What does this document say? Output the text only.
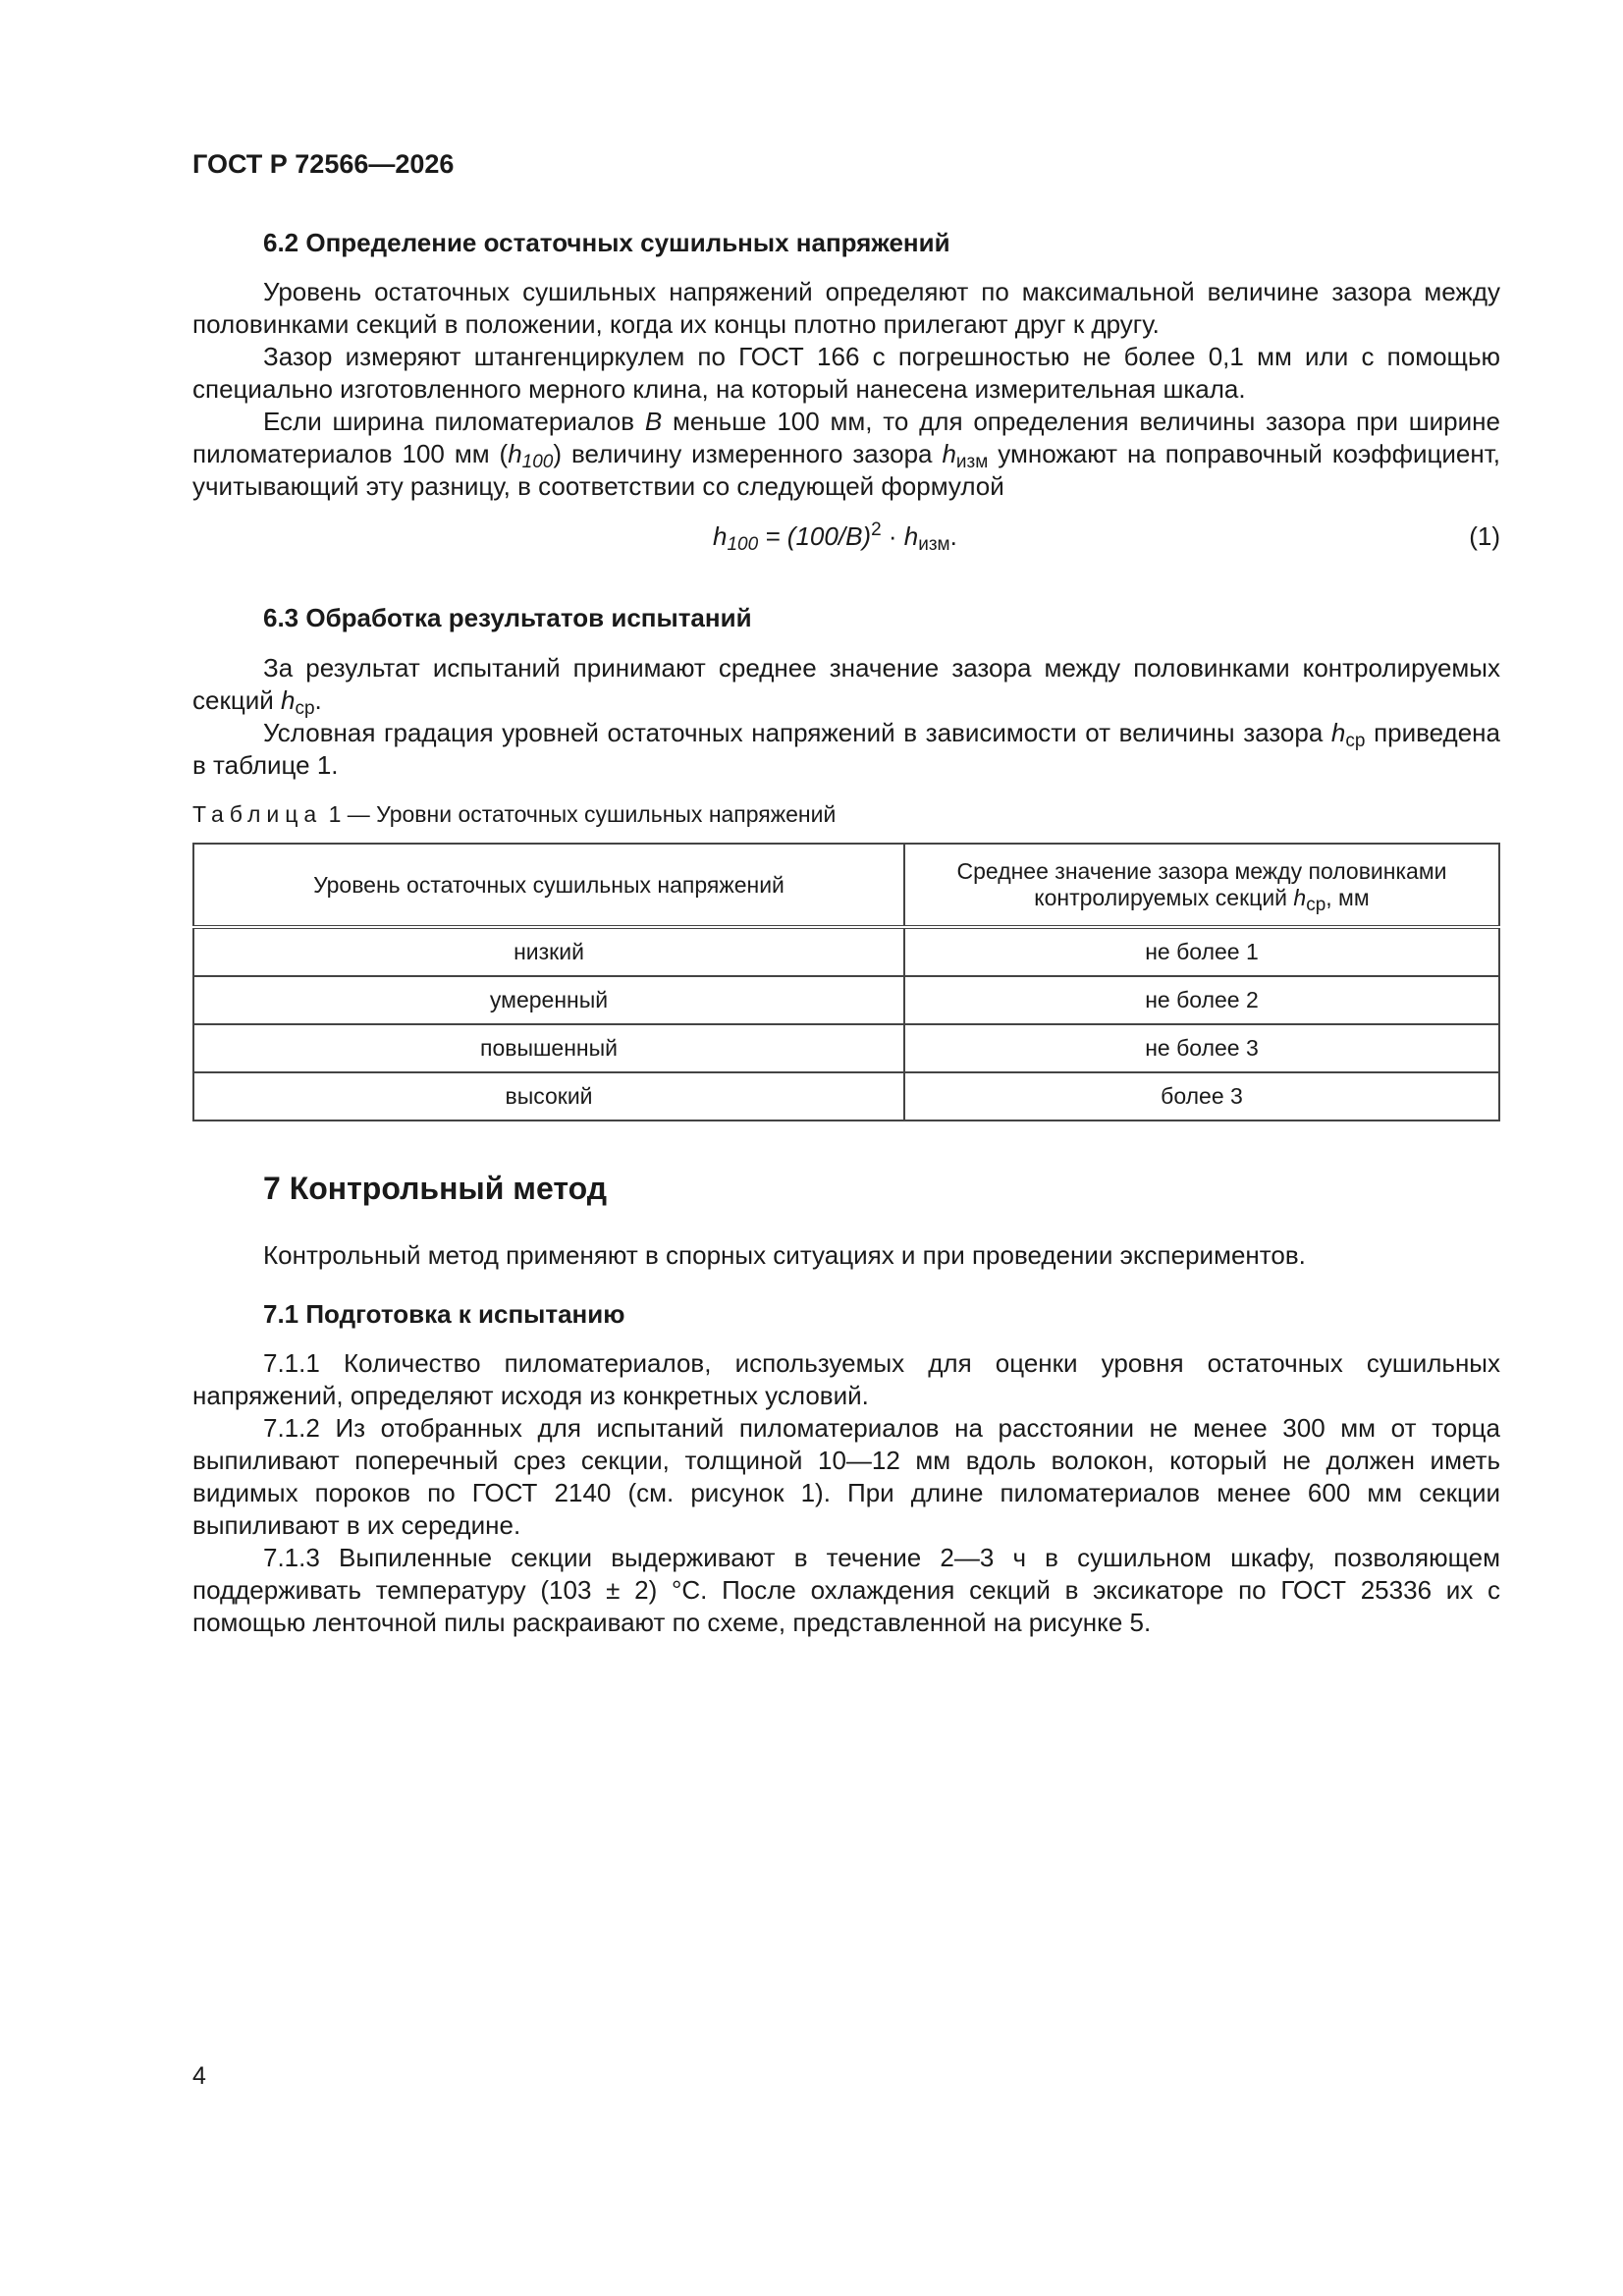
ГОСТ Р 72566—2026
6.2 Определение остаточных сушильных напряжений

Уровень остаточных сушильных напряжений определяют по максимальной величине зазора между половинками секций в положении, когда их концы плотно прилегают друг к другу.

Зазор измеряют штангенциркулем по ГОСТ 166 с погрешностью не более 0,1 мм или с помощью специально изготовленного мерного клина, на который нанесена измерительная шкала.

Если ширина пиломатериалов B меньше 100 мм, то для определения величины зазора при ширине пиломатериалов 100 мм $(h_{100})$ величину измеренного зазора $h_{изм}$ умножают на поправочный коэффициент, учитывающий эту разницу, в соответствии со следующей формулой

$h_{100} = (100/B)^2 \cdot h_{изм}$.	(1)
6.3 Обработка результатов испытаний

За результат испытаний принимают среднее значение зазора между половинками контролируемых секций $h_{ср}$.

Условная градация уровней остаточных напряжений в зависимости от величины зазора $h_{ср}$ приведена в таблице 1.

Таблица 1 — Уровни остаточных сушильных напряжений
Уровень остаточных сушильных напряжений	Среднее значение зазора между половинками контролируемых секций $h_{ср}$, мм
низкий	не более 1
умеренный	не более 2
повышенный	не более 3
высокий	более 3
7 Контрольный метод

Контрольный метод применяют в спорных ситуациях и при проведении экспериментов.

7.1 Подготовка к испытанию

7.1.1 Количество пиломатериалов, используемых для оценки уровня остаточных сушильных напряжений, определяют исходя из конкретных условий.

7.1.2 Из отобранных для испытаний пиломатериалов на расстоянии не менее 300 мм от торца выпиливают поперечный срез секции, толщиной 10—12 мм вдоль волокон, который не должен иметь видимых пороков по ГОСТ 2140 (см. рисунок 1). При длине пиломатериалов менее 600 мм секции выпиливают в их середине.

7.1.3 Выпиленные секции выдерживают в течение 2—3 ч в сушильном шкафу, позволяющем поддерживать температуру (103 ± 2) °C. После охлаждения секций в эксикаторе по ГОСТ 25336 их с помощью ленточной пилы раскраивают по схеме, представленной на рисунке 5.

4
